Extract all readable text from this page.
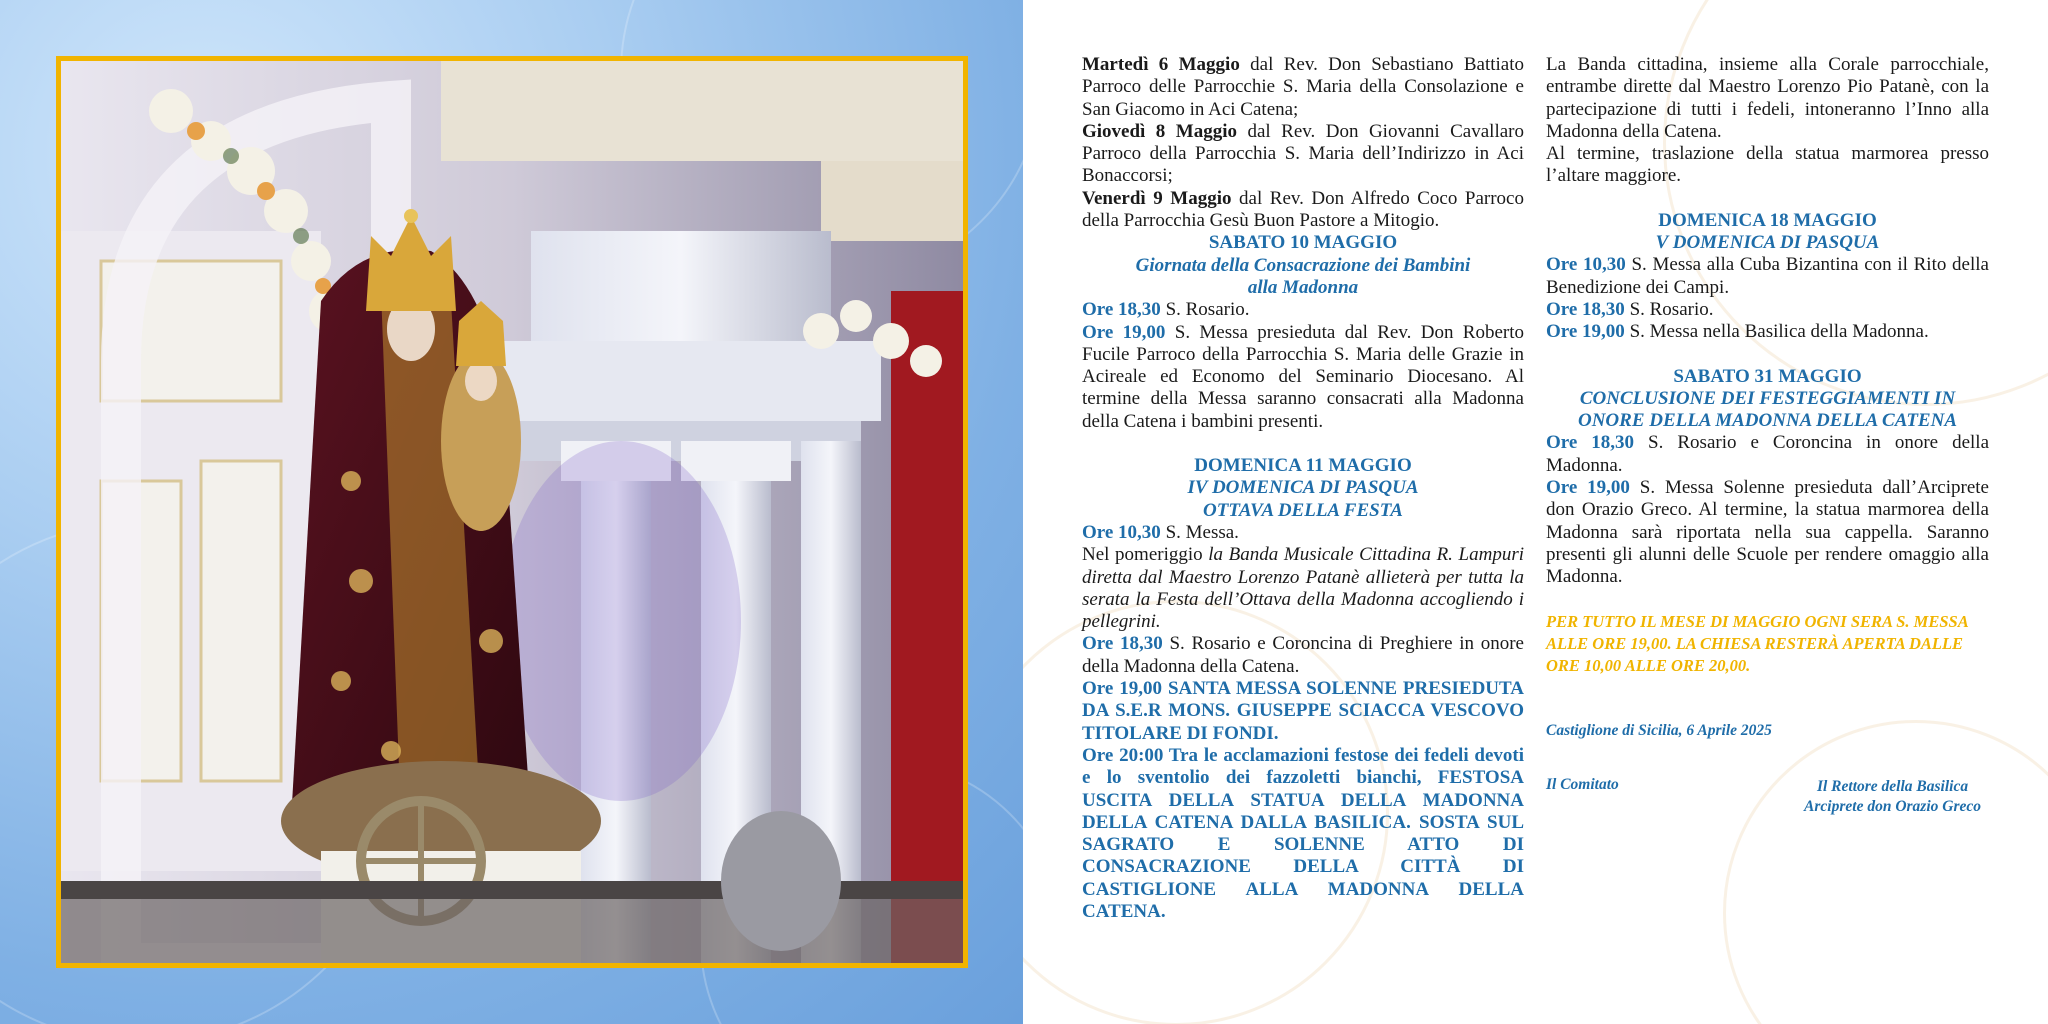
Martedì 6 Maggio dal Rev. Don Sebastiano Battiato Parroco delle Parrocchie S. Maria della Consolazione e San Giacomo in Aci Catena;

Giovedì 8 Maggio dal Rev. Don Giovanni Cavallaro Parroco della Parrocchia S. Maria dell’Indirizzo in Aci Bonaccorsi;

Venerdì 9 Maggio dal Rev. Don Alfredo Coco Parroco della Parrocchia Gesù Buon Pastore a Mitogio.

SABATO 10 MAGGIO

Giornata della Consacrazione dei Bambini

alla Madonna

Ore 18,30 S. Rosario.

Ore 19,00 S. Messa presieduta dal Rev. Don Roberto Fucile Parroco della Parrocchia S. Maria delle Grazie in Acireale ed Economo del Seminario Diocesano. Al termine della Messa saranno consacrati alla Madonna della Catena i bambini presenti.

DOMENICA 11 MAGGIO

IV DOMENICA DI PASQUA

OTTAVA DELLA FESTA

Ore 10,30 S. Messa.

Nel pomeriggio la Banda Musicale Cittadina R. Lampuri diretta dal Maestro Lorenzo Patanè allieterà per tutta la serata la Festa dell’Ottava della Madonna accogliendo i pellegrini.

Ore 18,30 S. Rosario e Coroncina di Preghiere in onore della Madonna della Catena.

Ore 19,00 SANTA MESSA SOLENNE PRESIEDUTA DA S.E.R MONS. GIUSEPPE SCIACCA VESCOVO TITOLARE DI FONDI.

Ore 20:00 Tra le acclamazioni festose dei fedeli devoti e lo sventolio dei fazzoletti bianchi, FESTOSA USCITA DELLA STATUA DELLA MADONNA DELLA CATENA DALLA BASILICA. SOSTA SUL SAGRATO E SOLENNE ATTO DI CONSACRAZIONE DELLA CITTÀ DI CASTIGLIONE ALLA MADONNA DELLA CATENA.

La Banda cittadina, insieme alla Corale parrocchiale, entrambe dirette dal Maestro Lorenzo Pio Patanè, con la partecipazione di tutti i fedeli, intoneranno l’Inno alla Madonna della Catena.

Al termine, traslazione della statua marmorea presso l’altare maggiore.

DOMENICA 18 MAGGIO

V DOMENICA DI PASQUA

Ore 10,30 S. Messa alla Cuba Bizantina con il Rito della Benedizione dei Campi.

Ore 18,30 S. Rosario.

Ore 19,00 S. Messa nella Basilica della Madonna.

SABATO 31 MAGGIO

CONCLUSIONE DEI FESTEGGIAMENTI IN

ONORE DELLA MADONNA DELLA CATENA

Ore 18,30 S. Rosario e Coroncina in onore della Madonna.

Ore 19,00 S. Messa Solenne presieduta dall’Arciprete don Orazio Greco. Al termine, la statua marmorea della Madonna sarà riportata nella sua cappella. Saranno presenti gli alunni delle Scuole per rendere omaggio alla Madonna.

PER TUTTO IL MESE DI MAGGIO OGNI SERA S. MESSA ALLE ORE 19,00. LA CHIESA RESTERÀ APERTA DALLE ORE 10,00 ALLE ORE 20,00.

Castiglione di Sicilia, 6 Aprile 2025

Il Comitato	Il Rettore della Basilica

Arciprete don Orazio Greco
